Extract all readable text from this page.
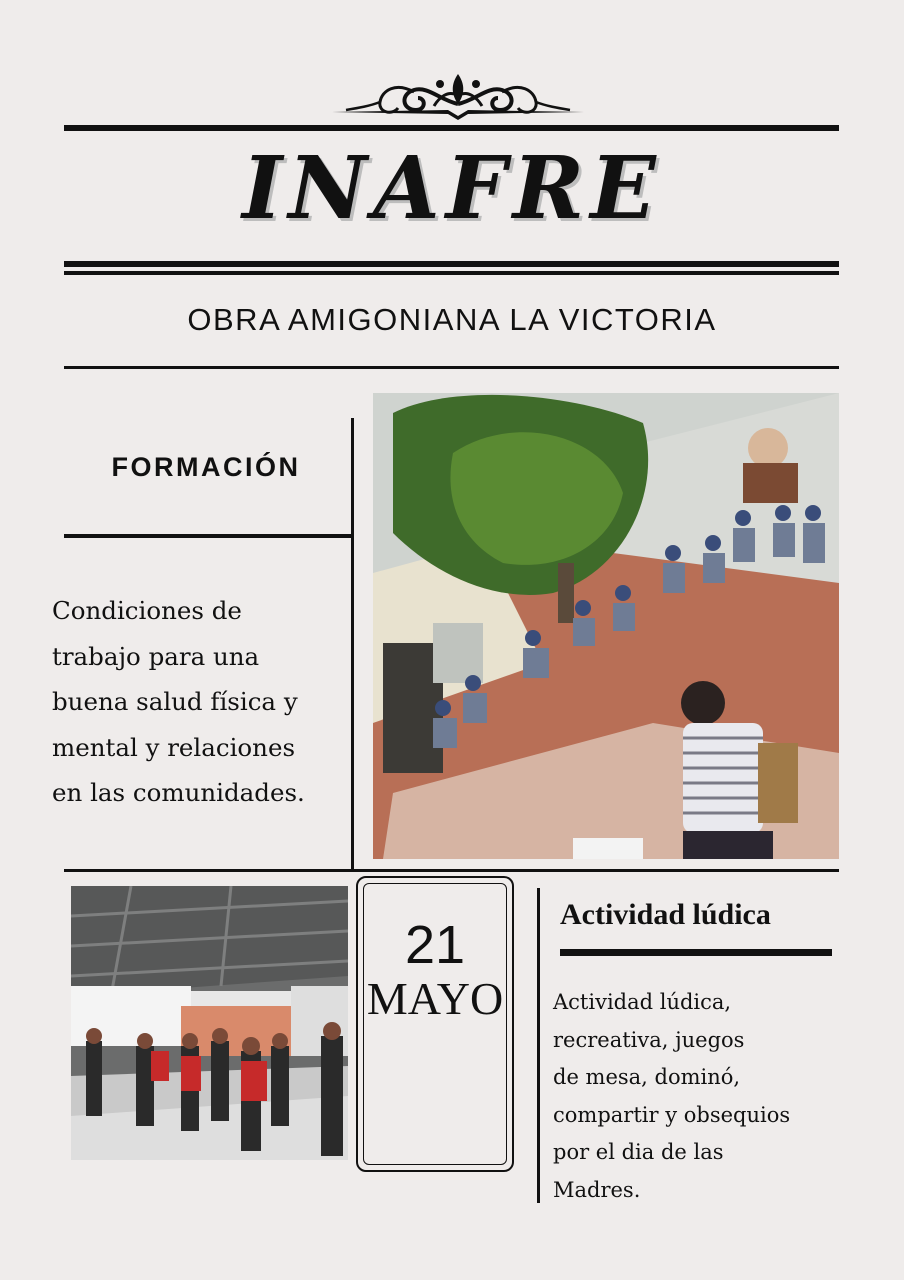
INAFRE
OBRA AMIGONIANA LA VICTORIA
FORMACIÓN
Condiciones de
trabajo para una
buena salud física y
mental y relaciones
en las comunidades.
21
MAYO
Actividad lúdica
Actividad lúdica,
recreativa, juegos
de mesa, dominó,
compartir y obsequios
por el dia de las
Madres.
